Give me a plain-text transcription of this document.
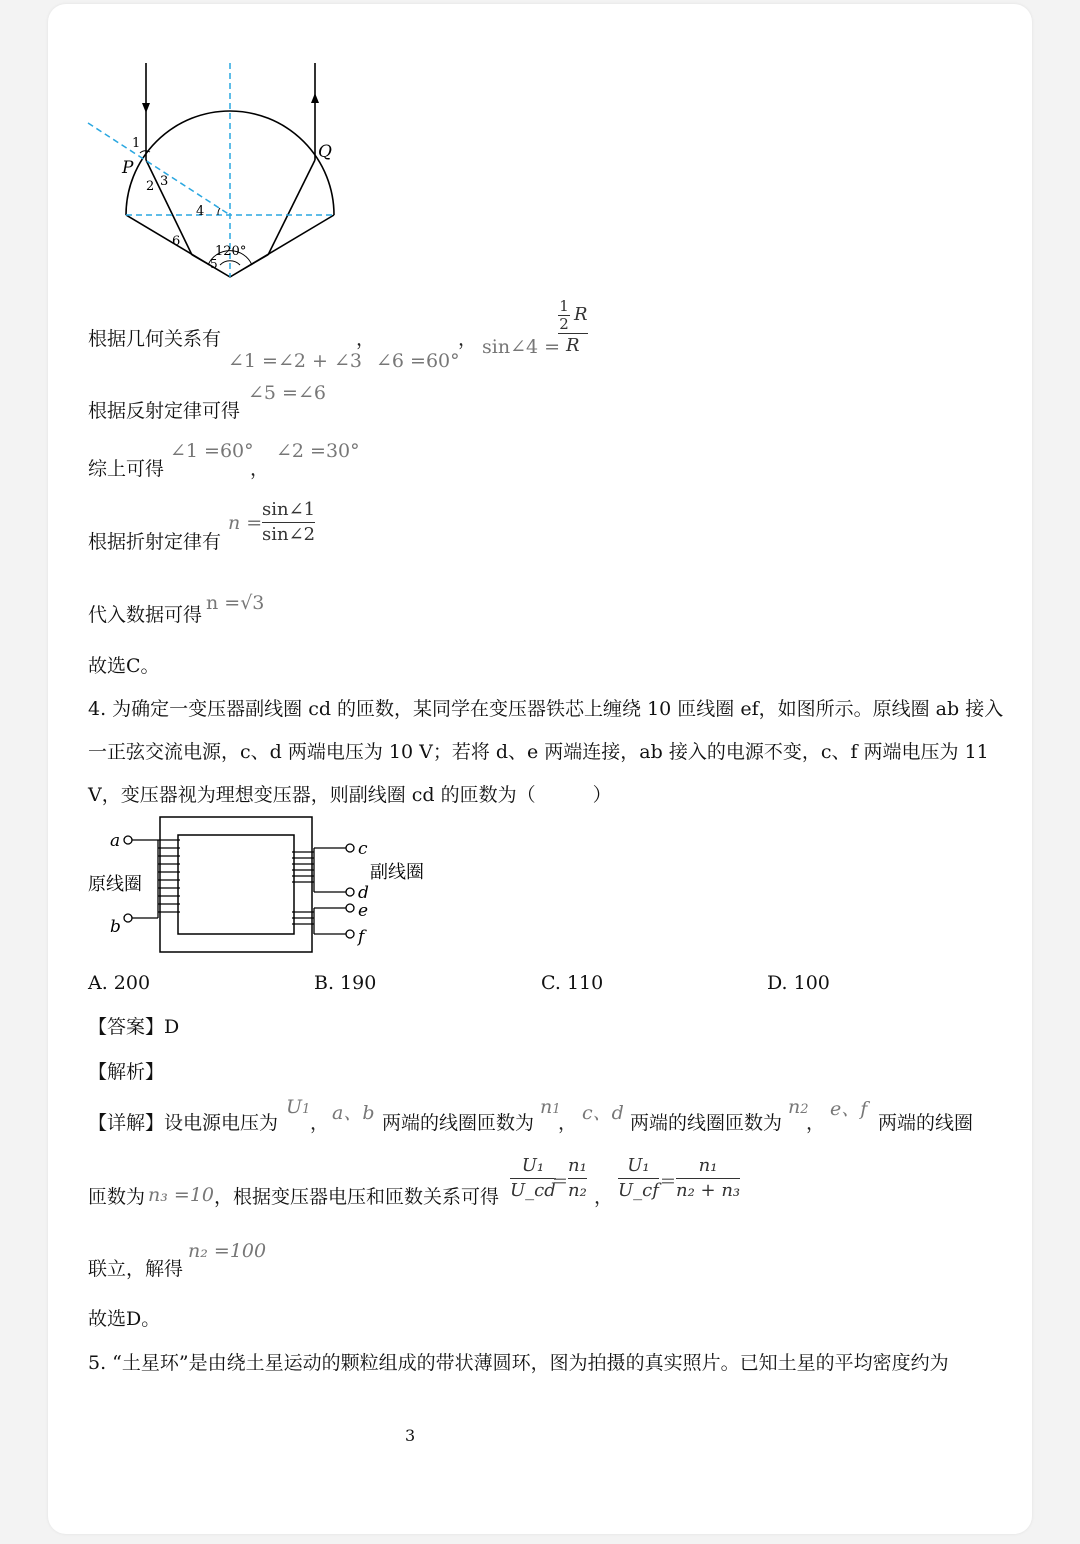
1
P
2 3
4
6
5
120°
Q
根据几何关系有
∠1 =∠2 + ∠3
，
∠6 =60°
， sin∠4 =
1
2 R
R
∠5 =∠6
根据反射定律可得
∠1 =60°
综上可得	，
∠2 =30°
根据折射定律有
n =
sin∠1
sin∠2
代入数据可得
n =√3
故选C。
4. 为确定一变压器副线圈 cd 的匝数，某同学在变压器铁芯上缠绕 10 匝线圈 ef，如图所示。原线圈 ab 接入
一正弦交流电源，c、d 两端电压为 10 V；若将 d、e 两端连接，ab 接入的电源不变，c、f 两端电压为 11
V，变压器视为理想变压器，则副线圈 cd 的匝数为（　　　）
a
b
原线圈
c
副线圈
d
e
f
A. 200	B. 190	C. 110	D. 100
【答案】D
【解析】
【详解】设电源电压为
U1
， a、b 两端的线圈匝数为
n1
， c、d 两端的线圈匝数为
n2
，
e、f
两端的线圈
匝数为 n₃ =10 ，根据变压器电压和匝数关系可得
U₁
U_cd
=
n₁
n₂ ，
U₁
U_cf =
n₁
n₂ + n₃
联立，解得
n₂ =100
故选D。
5. “土星环”是由绕土星运动的颗粒组成的带状薄圆环，图为拍摄的真实照片。已知土星的平均密度约为
3
